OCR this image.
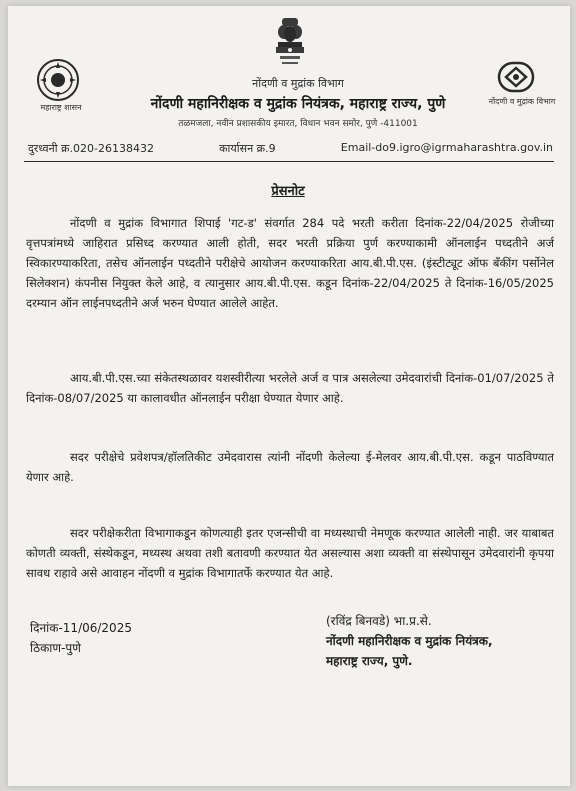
महाराष्ट्र शासन
नोंदणी व मुद्रांक विभाग
नोंदणी व मुद्रांक विभाग
नोंदणी महानिरीक्षक व मुद्रांक नियंत्रक, महाराष्ट्र राज्य, पुणे
तळमजला, नवीन प्रशासकीय इमारत, विधान भवन समोर, पुणे -411001
दुरध्वनी क्र.020-26138432	कार्यासन क्र.9	Email-do9.igro@igrmaharashtra.gov.in
प्रेसनोट

नोंदणी व मुद्रांक विभागात शिपाई 'गट-ड' संवर्गात 284 पदे भरती करीता दिनांक-22/04/2025 रोजीच्या वृत्तपत्रांमध्ये जाहिरात प्रसिध्द करण्यात आली होती, सदर भरती प्रक्रिया पुर्ण करण्याकामी ऑनलाईन पध्दतीने अर्ज स्विकारण्याकरिता, तसेच ऑनलाईन पध्दतीने परीक्षेचे आयोजन करण्याकरिता आय.बी.पी.एस. (इंस्टीट्यूट ऑफ बँकींग पर्सोनेल सिलेक्शन) कंपनीस नियुक्त केले आहे, व त्यानुसार आय.बी.पी.एस. कडून दिनांक-22/04/2025 ते दिनांक-16/05/2025 दरम्यान ऑन लाईनपध्दतीने अर्ज भरुन घेण्यात आलेले आहेत.

आय.बी.पी.एस.च्या संकेतस्थळावर यशस्वीरीत्या भरलेले अर्ज व पात्र असलेल्या उमेदवारांची दिनांक-01/07/2025 ते दिनांक-08/07/2025 या कालावधीत ऑनलाईन परीक्षा घेण्यात येणार आहे.

सदर परीक्षेचे प्रवेशपत्र/हॉलतिकीट उमेदवारास त्यांनी नोंदणी केलेल्या ई-मेलवर आय.बी.पी.एस. कडून पाठविण्यात येणार आहे.

सदर परीक्षेकरीता विभागाकडून कोणत्याही इतर एजन्सीची वा मध्यस्थाची नेमणूक करण्यात आलेली नाही. जर याबाबत कोणती व्यक्ती, संस्थेकडून, मध्यस्थ अथवा तशी बतावणी करण्यात येत असल्यास अशा व्यक्ती वा संस्थेपासून उमेदवारांनी कृपया सावध राहावे असे आवाहन नोंदणी व मुद्रांक विभागातर्फे करण्यात येत आहे.

दिनांक-11/06/2025
ठिकाण-पुणे
(रविंद्र बिनवडे) भा.प्र.से.
नोंदणी महानिरीक्षक व मुद्रांक नियंत्रक,
महाराष्ट्र राज्य, पुणे.
